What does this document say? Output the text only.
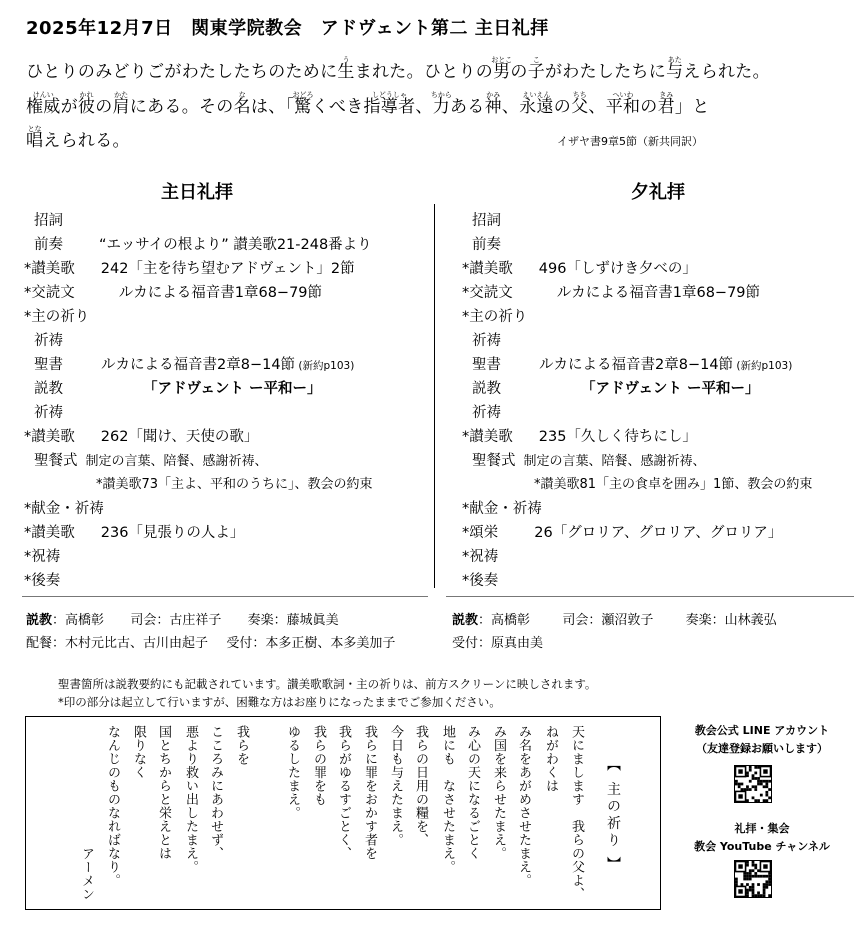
2025年12月7日　関東学院教会　アドヴェント第二 主日礼拝
ひとりのみどりごがわたしたちのために生まれた。ひとりの男の子がわたしたちに与えられた。
権威が彼の肩にある。その名は、「驚くべき指導者、力ある神、永遠の父、平和の君」と
唱えられる。
う	おとこ	こ	あた
けんい	かれ	かた	な	おどろ	しどうしゃ	ちから	かみ	えいえん	ちち	へいわ	きみ
とな
イザヤ書9章5節（新共同訳）
主日礼拝	夕礼拝
招詞
前奏 “エッサイの根より” 讃美歌21-248番より
*讃美歌 242「主を待ち望むアドヴェント」2節
*交読文	ルカによる福音書1章68−79節
*主の祈り
祈祷
聖書	ルカによる福音書2章8−14節 (新約p103)
説教	「アドヴェント ー平和ー」
祈祷
*讃美歌 262「聞け、天使の歌」
聖餐式 制定の言葉、陪餐、感謝祈祷、
*讃美歌73「主よ、平和のうちに」、教会の約束
*献金・祈祷
*讃美歌 236「見張りの人よ」
*祝祷
*後奏
招詞
前奏
*讃美歌 496「しずけき夕べの」
*交読文	ルカによる福音書1章68−79節
*主の祈り
祈祷
聖書	ルカによる福音書2章8−14節 (新約p103)
説教	「アドヴェント ー平和ー」
祈祷
*讃美歌 235「久しく待ちにし」
聖餐式 制定の言葉、陪餐、感謝祈祷、
*讃美歌81「主の食卓を囲み」1節、教会の約束
*献金・祈祷
*頌栄 26「グロリア、グロリア、グロリア」
*祝祷
*後奏
説教：高橋彰 司会：古庄祥子 奏楽：藤城眞美
配餐：木村元比古、古川由起子 受付：本多正樹、本多美加子
説教：高橋彰 司会：瀬沼敦子 奏楽：山林義弘
受付：原真由美
聖書箇所は説教要約にも記載されています。讃美歌歌詞・主の祈りは、前方スクリーンに映しされます。
*印の部分は起立して行いますが、困難な方はお座りになったままでご参加ください。
【 主の祈り 】
天にまします　我らの父よ、
ねがわくは
み名をあがめさせたまえ。
み国を来らせたまえ。
み心の天になるごとく
地にも　なさせたまえ。
我らの日用の糧を、
今日も与えたまえ。
我らに罪をおかす者を
我らがゆるすごとく、
我らの罪をも
ゆるしたまえ。
我らを
こころみにあわせず、
悪より救い出したまえ。
国とちからと栄えとは
限りなく
なんじのものなればなり。
アーメン
教会公式 LINE アカウント
（友達登録お願いします）
礼拝・集会
教会 YouTube チャンネル
